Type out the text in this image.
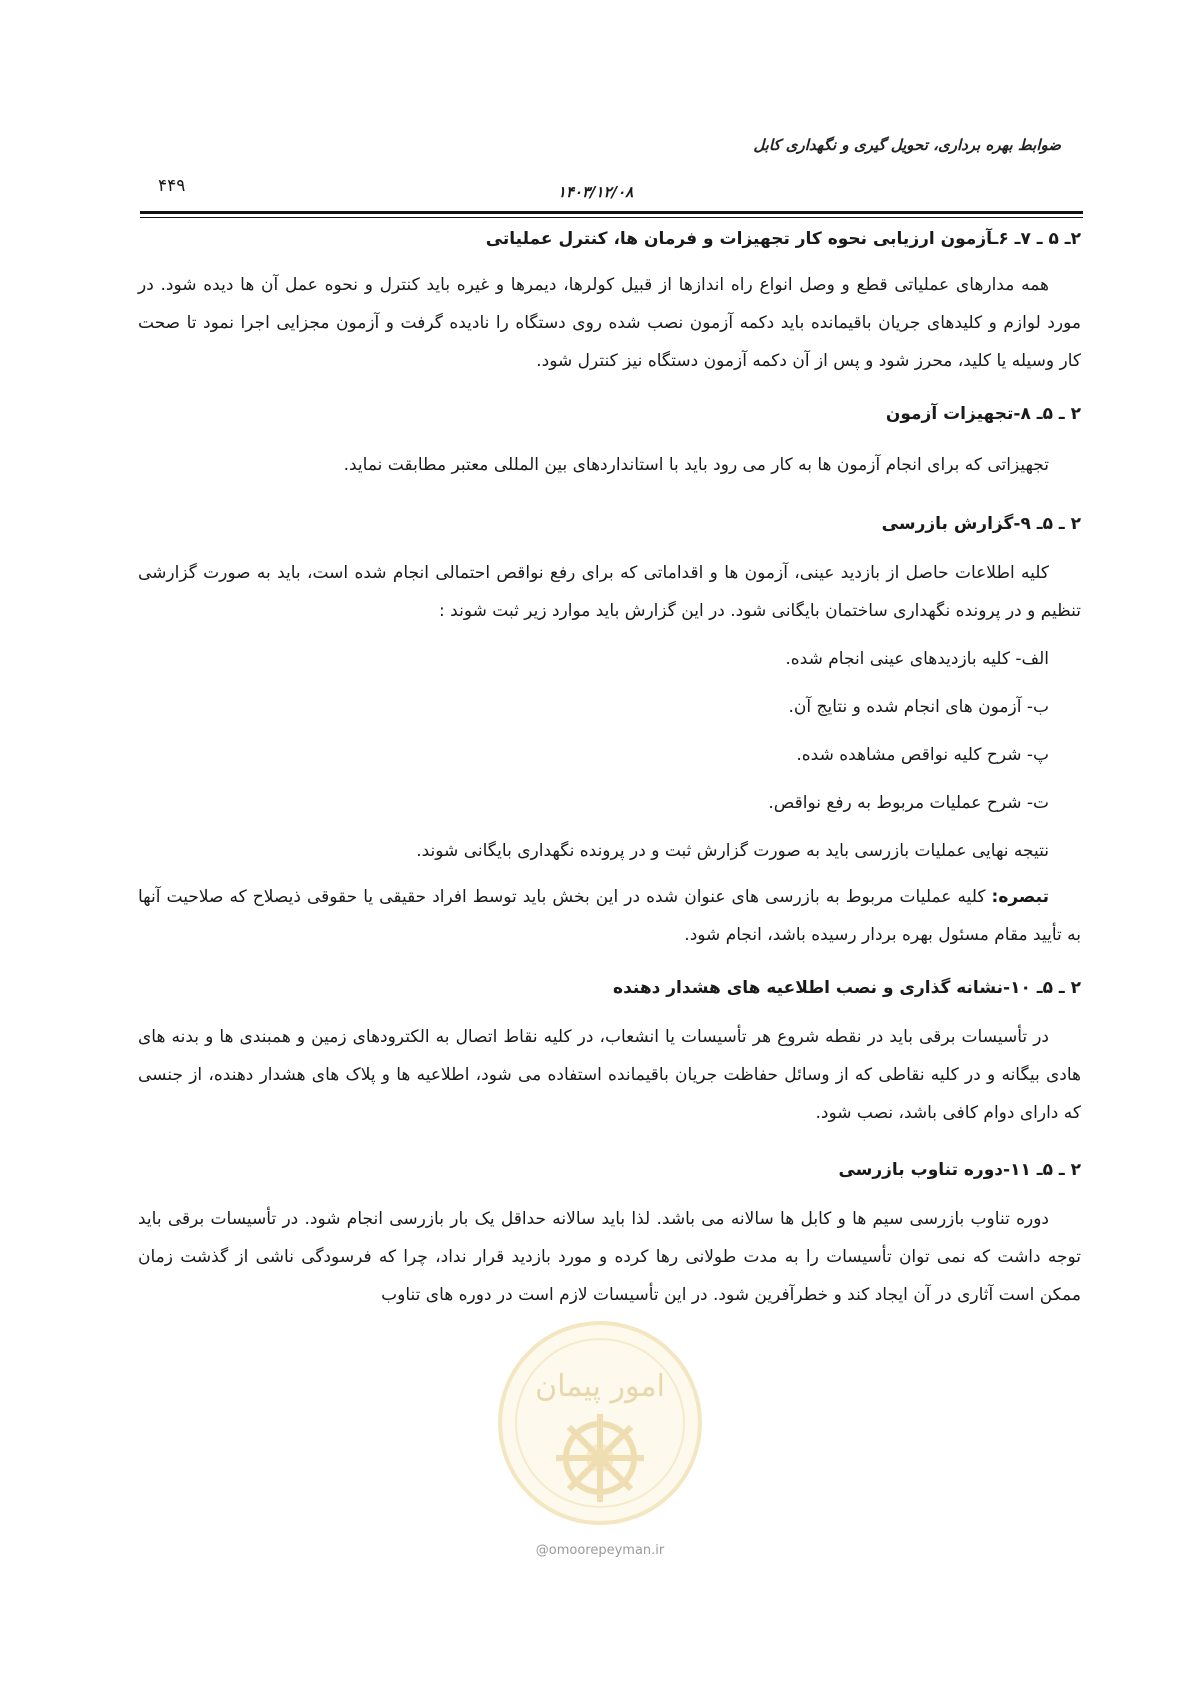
ضوابط بهره برداری، تحویل گیری و نگهداری کابل
۴۴۹	۱۴۰۳/۱۲/۰۸
۲ـ ۵ ـ ۷ـ ۶ـآزمون ارزیابی نحوه کار تجهیزات و فرمان ها، کنترل عملیاتی

همه مدارهای عملیاتی قطع و وصل انواع راه اندازها از قبیل کولرها، دیمرها و غیره باید کنترل و نحوه عمل آن ها دیده شود. در مورد لوازم و کلیدهای جریان باقیمانده باید دکمه آزمون نصب شده روی دستگاه را نادیده گرفت و آزمون مجزایی اجرا نمود تا صحت کار وسیله یا کلید، محرز شود و پس از آن دکمه آزمون دستگاه نیز کنترل شود.

۲ ـ ۵ـ ۸-تجهیزات آزمون

تجهیزاتی که برای انجام آزمون ها به کار می رود باید با استانداردهای بین المللی معتبر مطابقت نماید.

۲ ـ ۵ـ ۹-گزارش بازرسی

کلیه اطلاعات حاصل از بازدید عینی، آزمون ها و اقداماتی که برای رفع نواقص احتمالی انجام شده است، باید به صورت گزارشی تنظیم و در پرونده نگهداری ساختمان بایگانی شود. در این گزارش باید موارد زیر ثبت شوند :

الف- کلیه بازدیدهای عینی انجام شده.
ب- آزمون های انجام شده و نتایج آن.
پ- شرح کلیه نواقص مشاهده شده.
ت- شرح عملیات مربوط به رفع نواقص.
نتیجه نهایی عملیات بازرسی باید به صورت گزارش ثبت و در پرونده نگهداری بایگانی شوند.

تبصره: کلیه عملیات مربوط به بازرسی های عنوان شده در این بخش باید توسط افراد حقیقی یا حقوقی ذیصلاح که صلاحیت آنها به تأیید مقام مسئول بهره بردار رسیده باشد، انجام شود.

۲ ـ ۵ـ ۱۰-نشانه گذاری و نصب اطلاعیه های هشدار دهنده

در تأسیسات برقی باید در نقطه شروع هر تأسیسات یا انشعاب، در کلیه نقاط اتصال به الکترودهای زمین و همبندی ها و بدنه های هادی بیگانه و در کلیه نقاطی که از وسائل حفاظت جریان باقیمانده استفاده می شود، اطلاعیه ها و پلاک های هشدار دهنده، از جنسی که دارای دوام کافی باشد، نصب شود.

۲ ـ ۵ـ ۱۱-دوره تناوب بازرسی

دوره تناوب بازرسی سیم ها و کابل ها سالانه می باشد. لذا باید سالانه حداقل یک بار بازرسی انجام شود. در تأسیسات برقی باید توجه داشت که نمی توان تأسیسات را به مدت طولانی رها کرده و مورد بازدید قرار نداد، چرا که فرسودگی ناشی از گذشت زمان ممکن است آثاری در آن ایجاد کند و خطرآفرین شود. در این تأسیسات لازم است در دوره های تناوب

امور پیمان
@omoorepeyman.ir
